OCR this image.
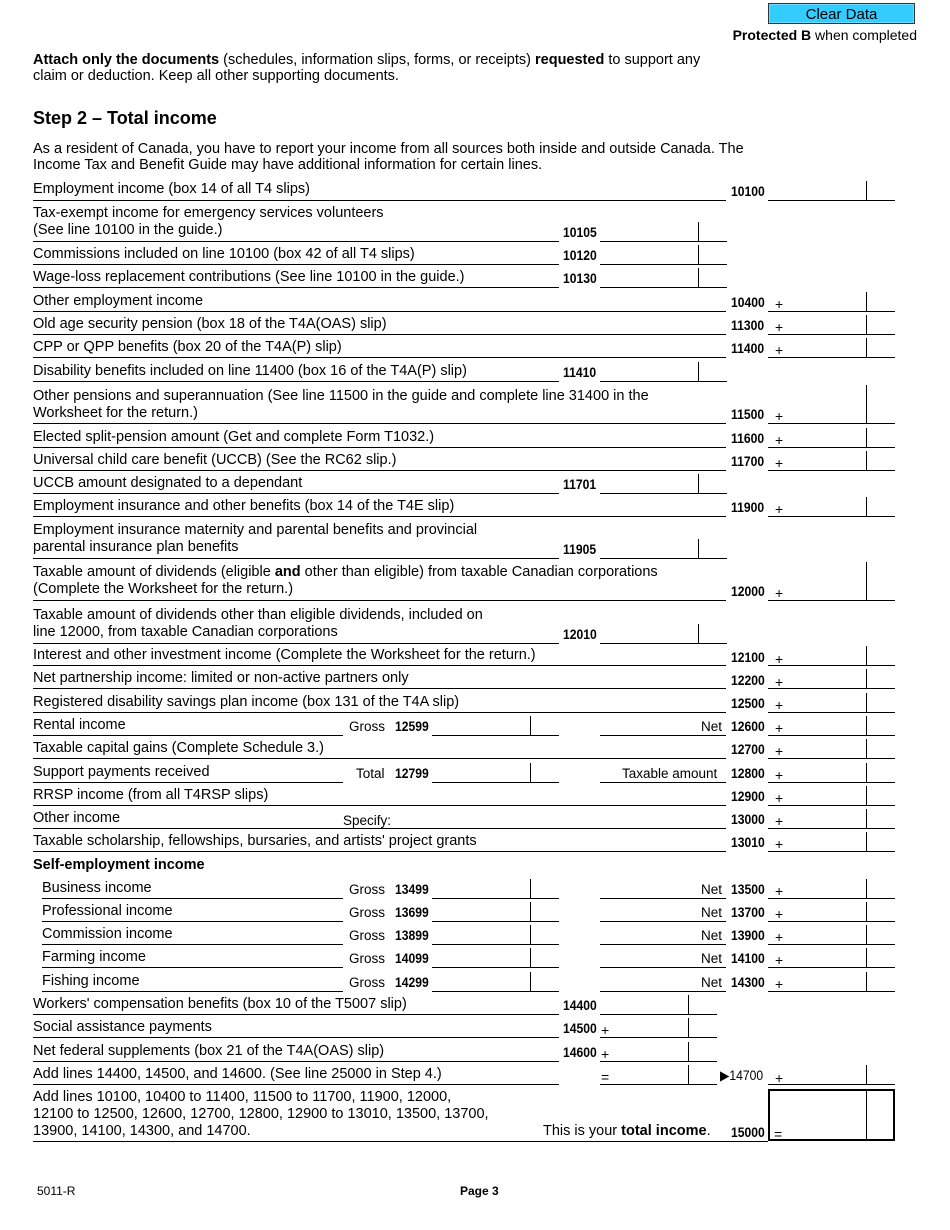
Clear Data
Protected B when completed
Attach only the documents (schedules, information slips, forms, or receipts) requested to support any claim or deduction. Keep all other supporting documents.
Step 2 – Total income
As a resident of Canada, you have to report your income from all sources both inside and outside Canada. The Income Tax and Benefit Guide may have additional information for certain lines.
Employment income (box 14 of all T4 slips)	10100
Tax-exempt income for emergency services volunteers
(See line 10100 in the guide.)	10105
Commissions included on line 10100 (box 42 of all T4 slips)	10120
Wage-loss replacement contributions (See line 10100 in the guide.)	10130
Other employment income	10400 +
Old age security pension (box 18 of the T4A(OAS) slip)	11300 +
CPP or QPP benefits (box 20 of the T4A(P) slip)	11400 +
Disability benefits included on line 11400 (box 16 of the T4A(P) slip)	11410
Other pensions and superannuation (See line 11500 in the guide and complete line 31400 in the
Worksheet for the return.)	11500 +
Elected split-pension amount (Get and complete Form T1032.)	11600 +
Universal child care benefit (UCCB) (See the RC62 slip.)	11700 +
UCCB amount designated to a dependant	11701
Employment insurance and other benefits (box 14 of the T4E slip)	11900 +
Employment insurance maternity and parental benefits and provincial
parental insurance plan benefits	11905
Taxable amount of dividends (eligible and other than eligible) from taxable Canadian corporations
(Complete the Worksheet for the return.)	12000 +
Taxable amount of dividends other than eligible dividends, included on
line 12000, from taxable Canadian corporations	12010
Interest and other investment income (Complete the Worksheet for the return.)	12100 +
Net partnership income: limited or non-active partners only	12200 +
Registered disability savings plan income (box 131 of the T4A slip)	12500 +
Rental income	Gross 12599	Net 12600 +
Taxable capital gains (Complete Schedule 3.)	12700 +
Support payments received	Total 12799	Taxable amount 12800 +
RRSP income (from all T4RSP slips)	12900 +
Other income	Specify:	13000 +
Taxable scholarship, fellowships, bursaries, and artists' project grants	13010 +
Self-employment income
Business income	Gross 13499	Net 13500 +
Professional income	Gross 13699	Net 13700 +
Commission income	Gross 13899	Net 13900 +
Farming income	Gross 14099	Net 14100 +
Fishing income	Gross 14299	Net 14300 +
Workers' compensation benefits (box 10 of the T5007 slip)	14400
Social assistance payments	14500 +
Net federal supplements (box 21 of the T4A(OAS) slip)	14600 +
Add lines 14400, 14500, and 14600. (See line 25000 in Step 4.)	=	▶14700 +
Add lines 10100, 10400 to 11400, 11500 to 11700, 11900, 12000,
12100 to 12500, 12600, 12700, 12800, 12900 to 13010, 13500, 13700,
13900, 14100, 14300, and 14700.	This is your total income. 15000 =
5011-R	Page 3
